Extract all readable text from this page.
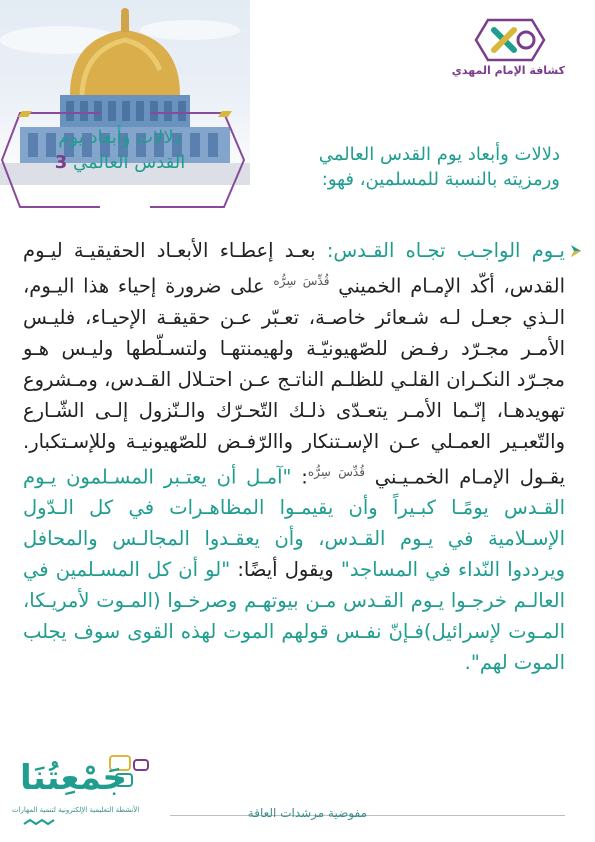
كشافة الإمام المهدي
دلالات وأبعاد يوم
القدس العالمي 3	دلالات وأبعاد يوم القدس العالمي
ورمزيته بالنسبة للمسلمين، فهو:
يـوم الواجـب تجـاه القـدس: بعـد إعطـاء الأبعـاد الحقيقيـة ليـوم القدس، أكّد الإمـام الخميني $^{قُدِّسَ سِرُّه}$ على ضرورة إحياء هذا اليـوم، الـذي جعـل لـه شـعائر خاصـة، تعـبّر عـن حقيقـة الإحيـاء، فليـس الأمـر مجـرّد رفـض للصّهيونيّـة ولهيمنتهـا ولتسـلّطها وليـس هـو مجـرّد النكـران القلـي للظلـم الناتـج عـن احتـلال القـدس، ومـشروع تهويدهـا، إنّـما الأمـر يتعـدّى ذلـك التّحـرّك والـنّزول إلـى الشّـارع والتّعبـير العمـلي عـن الإسـتنكار واالرّفـض للصّهيونيـة وللإسـتكبار. يقـول الإمـام الخمـيـني $^{قُدِّسَ سِرُّه}$: "آمـل أن يعتـبر المسـلمون يـوم القـدس يومًـا كبـيراً وأن يقيمـوا المظاهـرات في كل الـدّول الإسـلامية في يـوم القـدس، وأن يعقـدوا المجالـس والمحافل ويرددوا النّداء في المساجد" ويقول أيضًا: "لو أن كل المسـلمين في العالـم خرجـوا يـوم القـدس مـن بيوتهـم وصرخـوا (المـوت لأمريـكا، المـوت لإسرائيل)فـإنّ نفـس قولهم الموت لهذه القوى سوف يجلب الموت لهم".
مفوضية مرشدات العاقة
جَمْعِتُنَا
الأنشطة التعليمية الإلكترونية لتنمية المهارات
